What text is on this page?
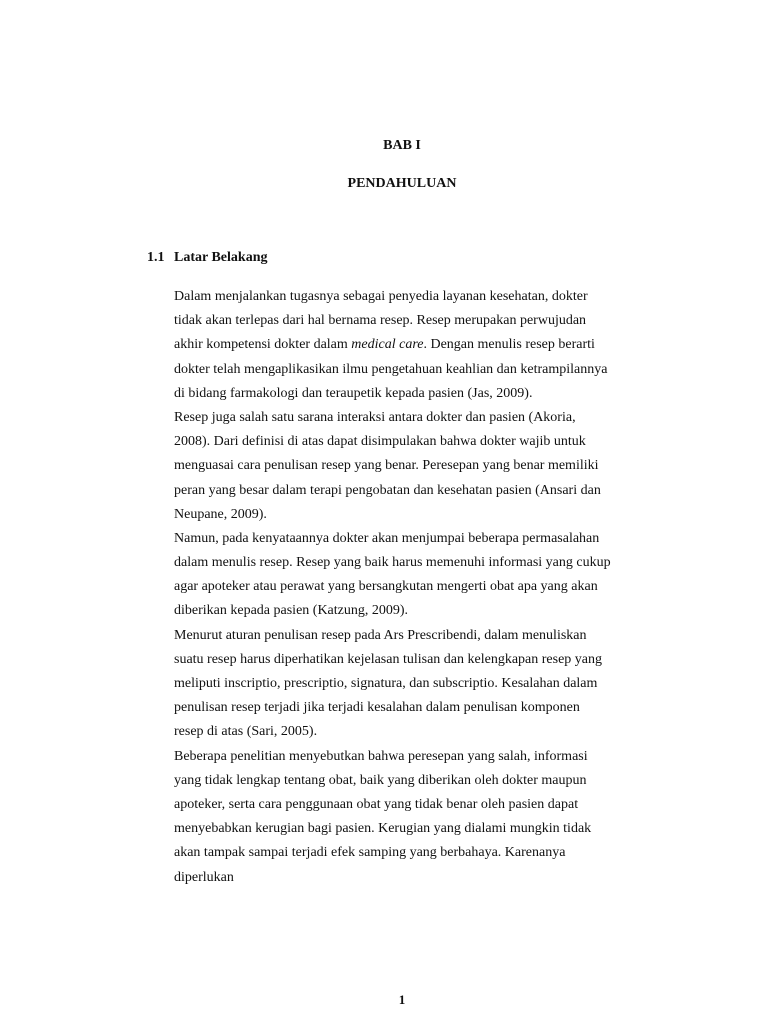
BAB I
PENDAHULUAN
1.1 Latar Belakang
Dalam menjalankan tugasnya sebagai penyedia layanan kesehatan, dokter
tidak akan terlepas dari hal bernama resep. Resep merupakan perwujudan
akhir kompetensi dokter dalam medical care. Dengan menulis resep berarti
dokter telah mengaplikasikan ilmu pengetahuan keahlian dan ketrampilannya
di bidang farmakologi dan teraupetik kepada pasien (Jas, 2009).
Resep juga salah satu sarana interaksi antara dokter dan pasien (Akoria,
2008). Dari definisi di atas dapat disimpulakan bahwa dokter wajib untuk
menguasai cara penulisan resep yang benar. Peresepan yang benar memiliki
peran yang besar dalam terapi pengobatan dan kesehatan pasien (Ansari dan
Neupane, 2009).
Namun, pada kenyataannya dokter akan menjumpai beberapa permasalahan
dalam menulis resep. Resep yang baik harus memenuhi informasi yang cukup
agar apoteker atau perawat yang bersangkutan mengerti obat apa yang akan
diberikan kepada pasien (Katzung, 2009).
Menurut aturan penulisan resep pada Ars Prescribendi, dalam menuliskan
suatu resep harus diperhatikan kejelasan tulisan dan kelengkapan resep yang
meliputi inscriptio, prescriptio, signatura, dan subscriptio. Kesalahan dalam
penulisan resep terjadi jika terjadi kesalahan dalam penulisan komponen
resep di atas (Sari, 2005).
Beberapa penelitian menyebutkan bahwa peresepan yang salah, informasi
yang tidak lengkap tentang obat, baik yang diberikan oleh dokter maupun
apoteker, serta cara penggunaan obat yang tidak benar oleh pasien dapat
menyebabkan kerugian bagi pasien. Kerugian yang dialami mungkin tidak
akan tampak sampai terjadi efek samping yang berbahaya. Karenanya
diperlukan
1
